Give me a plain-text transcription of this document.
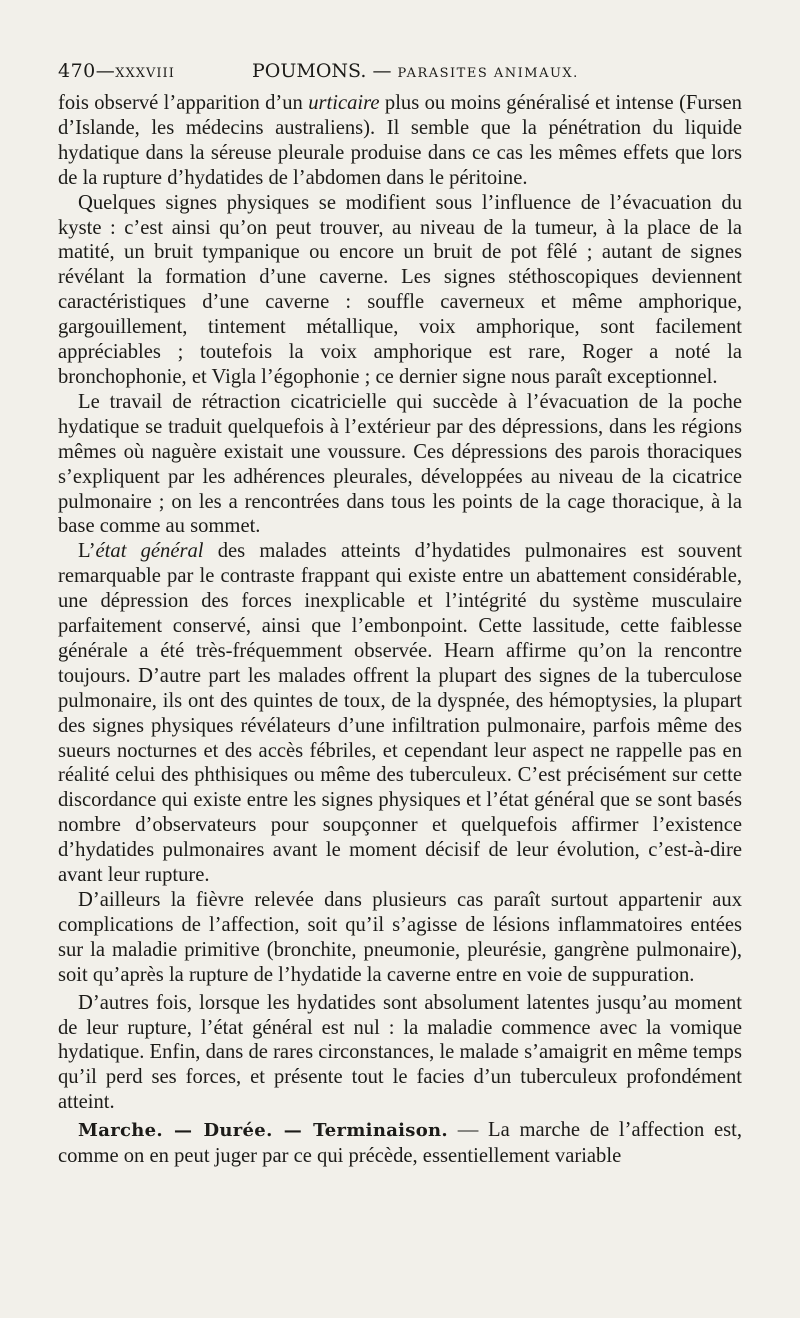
470—XXXVIII	POUMONS. — PARASITES ANIMAUX.

fois observé l’apparition d’un urticaire plus ou moins généralisé et intense (Fursen d’Islande, les médecins australiens). Il semble que la pénétration du liquide hydatique dans la séreuse pleurale produise dans ce cas les mêmes effets que lors de la rupture d’hydatides de l’abdomen dans le péritoine.

Quelques signes physiques se modifient sous l’influence de l’évacuation du kyste : c’est ainsi qu’on peut trouver, au niveau de la tumeur, à la place de la matité, un bruit tympanique ou encore un bruit de pot fêlé ; autant de signes révélant la formation d’une caverne. Les signes stéthoscopiques deviennent caractéristiques d’une caverne : souffle caverneux et même amphorique, gargouillement, tintement métallique, voix amphorique, sont facilement appréciables ; toutefois la voix amphorique est rare, Roger a noté la bronchophonie, et Vigla l’égophonie ; ce dernier signe nous paraît exceptionnel.

Le travail de rétraction cicatricielle qui succède à l’évacuation de la poche hydatique se traduit quelquefois à l’extérieur par des dépressions, dans les régions mêmes où naguère existait une voussure. Ces dépressions des parois thoraciques s’expliquent par les adhérences pleurales, développées au niveau de la cicatrice pulmonaire ; on les a rencontrées dans tous les points de la cage thoracique, à la base comme au sommet.

L’état général des malades atteints d’hydatides pulmonaires est souvent remarquable par le contraste frappant qui existe entre un abattement considérable, une dépression des forces inexplicable et l’intégrité du système musculaire parfaitement conservé, ainsi que l’embonpoint. Cette lassitude, cette faiblesse générale a été très-fréquemment observée. Hearn affirme qu’on la rencontre toujours. D’autre part les malades offrent la plupart des signes de la tuberculose pulmonaire, ils ont des quintes de toux, de la dyspnée, des hémoptysies, la plupart des signes physiques révélateurs d’une infiltration pulmonaire, parfois même des sueurs nocturnes et des accès fébriles, et cependant leur aspect ne rappelle pas en réalité celui des phthisiques ou même des tuberculeux. C’est précisément sur cette discordance qui existe entre les signes physiques et l’état général que se sont basés nombre d’observateurs pour soupçonner et quelquefois affirmer l’existence d’hydatides pulmonaires avant le moment décisif de leur évolution, c’est-à-dire avant leur rupture.

D’ailleurs la fièvre relevée dans plusieurs cas paraît surtout appartenir aux complications de l’affection, soit qu’il s’agisse de lésions inflammatoires entées sur la maladie primitive (bronchite, pneumonie, pleurésie, gangrène pulmonaire), soit qu’après la rupture de l’hydatide la caverne entre en voie de suppuration.

D’autres fois, lorsque les hydatides sont absolument latentes jusqu’au moment de leur rupture, l’état général est nul : la maladie commence avec la vomique hydatique. Enfin, dans de rares circonstances, le malade s’amaigrit en même temps qu’il perd ses forces, et présente tout le facies d’un tuberculeux profondément atteint.

Marche. — Durée. — Terminaison. — La marche de l’affection est, comme on en peut juger par ce qui précède, essentiellement variable
